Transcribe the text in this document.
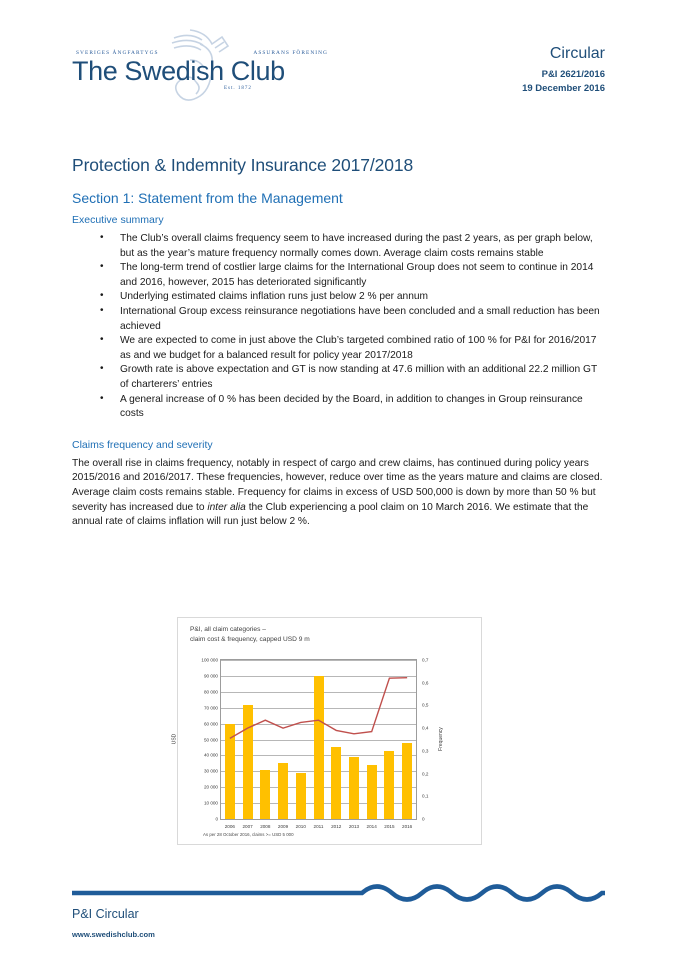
SVERIGES ÅNGFARTYGS	ASSURANS FÖRENING
The Swedish Club
Est. 1872
Circular
P&I 2621/2016
19 December 2016
Protection & Indemnity Insurance 2017/2018
Section 1: Statement from the Management
Executive summary
• The Club’s overall claims frequency seem to have increased during the past 2 years, as per graph below, but as the year’s mature frequency normally comes down. Average claim costs remains stable
• The long-term trend of costlier large claims for the International Group does not seem to continue in 2014 and 2016, however, 2015 has deteriorated significantly
• Underlying estimated claims inflation runs just below 2 % per annum
• International Group excess reinsurance negotiations have been concluded and a small reduction has been achieved
• We are expected to come in just above the Club’s targeted combined ratio of 100 % for P&I for 2016/2017 as and we budget for a balanced result for policy year 2017/2018
• Growth rate is above expectation and GT is now standing at 47.6 million with an additional 22.2 million GT of charterers’ entries
• A general increase of 0 % has been decided by the Board, in addition to changes in Group reinsurance costs
Claims frequency and severity

The overall rise in claims frequency, notably in respect of cargo and crew claims, has continued during policy years 2015/2016 and 2016/2017. These frequencies, however, reduce over time as the years mature and claims are closed. Average claim costs remains stable. Frequency for claims in excess of USD 500,000 is down by more than 50 % but severity has increased due to inter alia the Club experiencing a pool claim on 10 March 2016. We estimate that the annual rate of claims inflation will run just below 2 %.

P&I, all claim categories –
claim cost & frequency, capped USD 9 m
0
10 000
20 000
30 000
40 000
50 000
60 000
70 000
80 000
90 000
100 000
0
0,1
0,2
0,3
0,4
0,5
0,6
0,7
USD	Frequency
2006 2007 2008 2009 2010 2011 2012 2013 2014 2015 2016
As per 28 October 2016, claims >= USD 5 000
P&I Circular
www.swedishclub.com
